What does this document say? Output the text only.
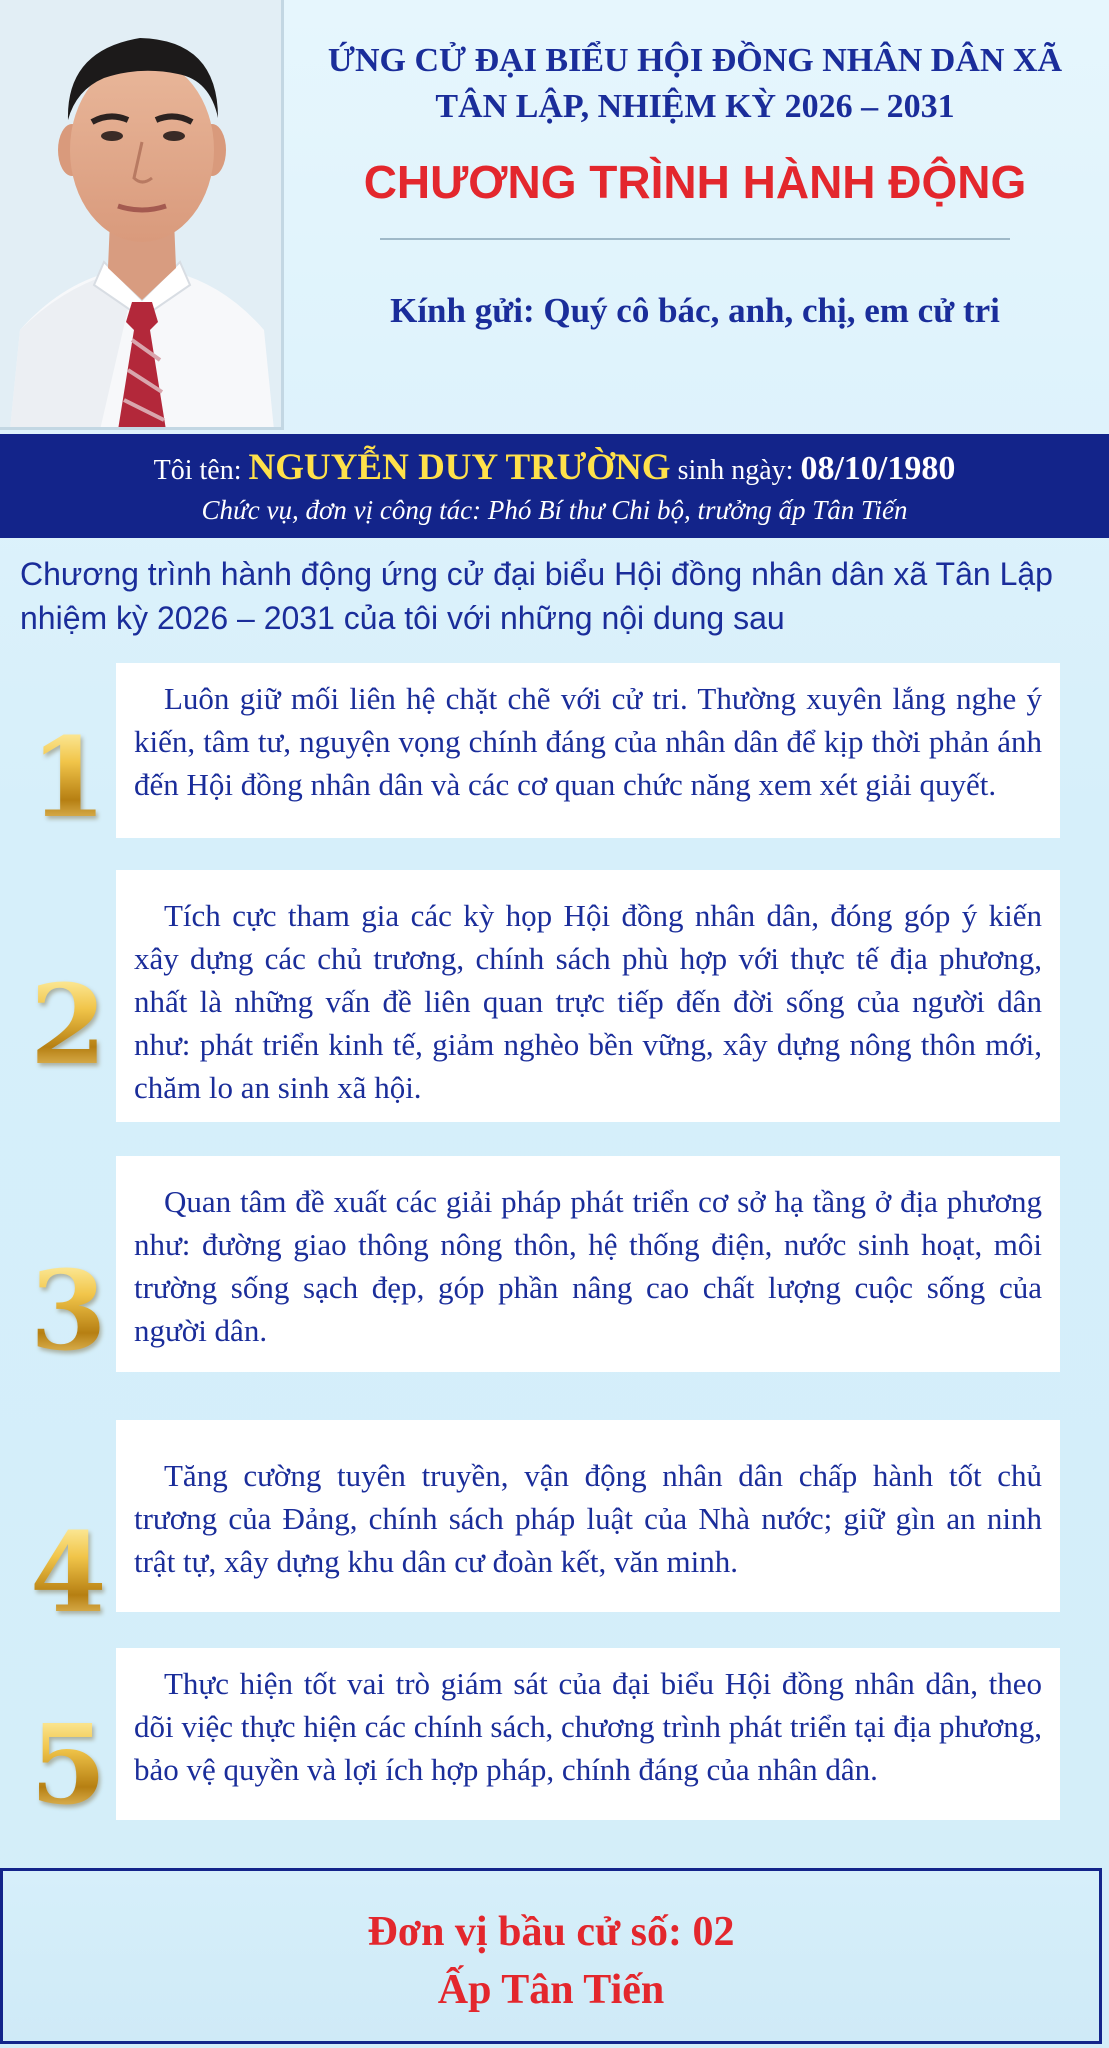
ỨNG CỬ ĐẠI BIỂU HỘI ĐỒNG NHÂN DÂN XÃ

TÂN LẬP, NHIỆM KỲ 2026 – 2031

CHƯƠNG TRÌNH HÀNH ĐỘNG

Kính gửi: Quý cô bác, anh, chị, em cử tri

Tôi tên: NGUYỄN DUY TRƯỜNG sinh ngày: 08/10/1980
Chức vụ, đơn vị công tác: Phó Bí thư Chi bộ, trưởng ấp Tân Tiến

Chương trình hành động ứng cử đại biểu Hội đồng nhân dân xã Tân Lập nhiệm kỳ 2026 – 2031 của tôi với những nội dung sau

1

Luôn giữ mối liên hệ chặt chẽ với cử tri. Thường xuyên lắng nghe ý kiến, tâm tư, nguyện vọng chính đáng của nhân dân để kịp thời phản ánh đến Hội đồng nhân dân và các cơ quan chức năng xem xét giải quyết.

2

Tích cực tham gia các kỳ họp Hội đồng nhân dân, đóng góp ý kiến xây dựng các chủ trương, chính sách phù hợp với thực tế địa phương, nhất là những vấn đề liên quan trực tiếp đến đời sống của người dân như: phát triển kinh tế, giảm nghèo bền vững, xây dựng nông thôn mới, chăm lo an sinh xã hội.

3

Quan tâm đề xuất các giải pháp phát triển cơ sở hạ tầng ở địa phương như: đường giao thông nông thôn, hệ thống điện, nước sinh hoạt, môi trường sống sạch đẹp, góp phần nâng cao chất lượng cuộc sống của người dân.

4

Tăng cường tuyên truyền, vận động nhân dân chấp hành tốt chủ trương của Đảng, chính sách pháp luật của Nhà nước; giữ gìn an ninh trật tự, xây dựng khu dân cư đoàn kết, văn minh.

5

Thực hiện tốt vai trò giám sát của đại biểu Hội đồng nhân dân, theo dõi việc thực hiện các chính sách, chương trình phát triển tại địa phương, bảo vệ quyền và lợi ích hợp pháp, chính đáng của nhân dân.

Đơn vị bầu cử số: 02

Ấp Tân Tiến
